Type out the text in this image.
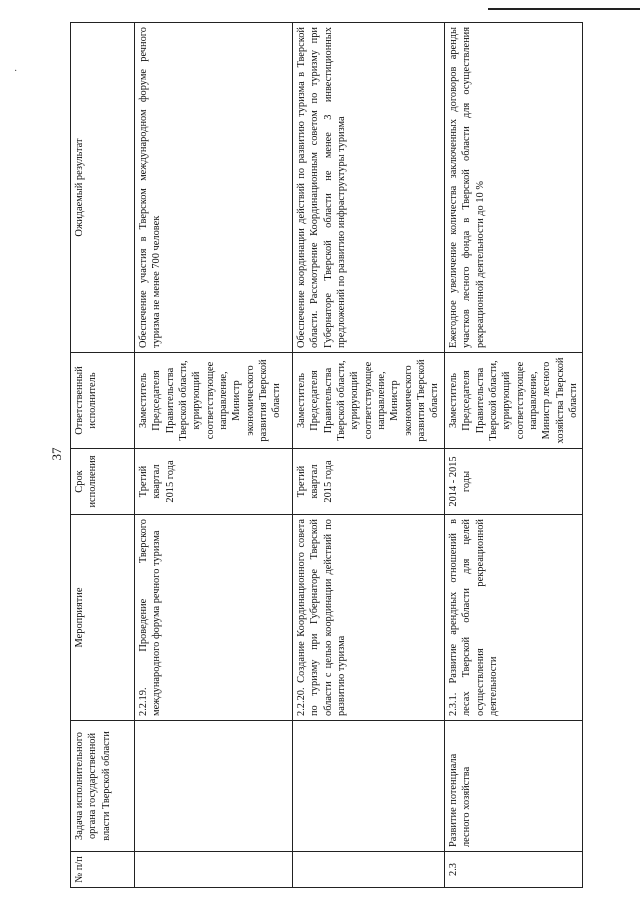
·
37
№ п/п	Задача исполнительного органа государственной власти Тверской области	Мероприятие	Срок исполнения	Ответственный исполнитель	Ожидаемый результат
		2.2.19. Проведение Тверского международного форума речного туризма	Третий квартал 2015 года	Заместитель Председателя Правительства Тверской области, курирующий соответствующее направление, Министр экономического развития Тверской области	Обеспечение участия в Тверском международном форуме речного туризма не менее 700 человек
		2.2.20. Создание Координационного совета по туризму при Губернаторе Тверской области с целью координации действий по развитию туризма	Третий квартал 2015 года	Заместитель Председателя Правительства Тверской области, курирующий соответствующее направление, Министр экономического развития Тверской области	Обеспечение координации действий по развитию туризма в Тверской области. Рассмотрение Координационным советом по туризму при Губернаторе Тверской области не менее 3 инвестиционных предложений по развитию инфраструктуры туризма
2.3	Развитие потенциала лесного хозяйства	2.3.1. Развитие арендных отношений в лесах Тверской области для целей осуществления рекреационной деятельности	2014 - 2015 годы	Заместитель Председателя Правительства Тверской области, курирующий соответствующее направление, Министр лесного хозяйства Тверской области	Ежегодное увеличение количества заключенных договоров аренды участков лесного фонда в Тверской области для осуществления рекреационной деятельности до 10 %
